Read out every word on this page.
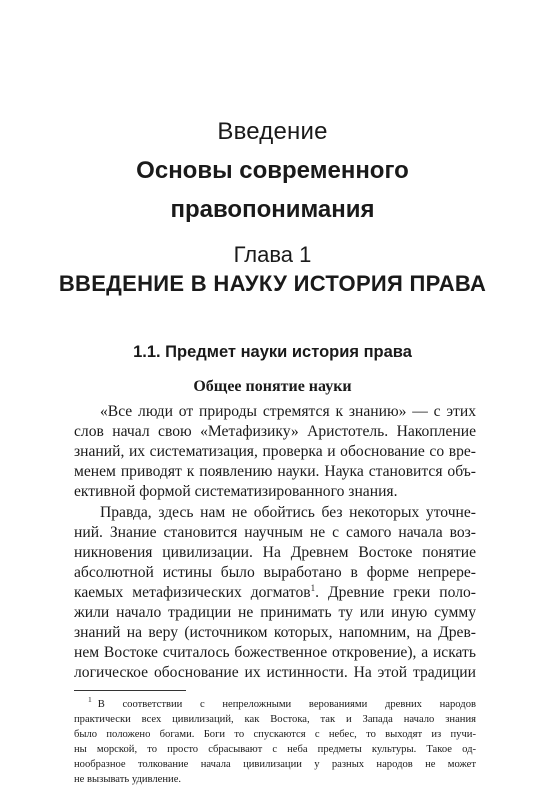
Введение
Основы современного
правопонимания
Глава 1
ВВЕДЕНИЕ В НАУКУ ИСТОРИЯ ПРАВА
1.1. Предмет науки история права
Общее понятие науки
«Все люди от природы стремятся к знанию» — с этих
слов начал свою «Метафизику» Аристотель. Накопление
знаний, их систематизация, проверка и обоснование со вре-
менем приводят к появлению науки. Наука становится объ-
ективной формой систематизированного знания.
Правда, здесь нам не обойтись без некоторых уточне-
ний. Знание становится научным не с самого начала воз-
никновения цивилизации. На Древнем Востоке понятие
абсолютной истины было выработано в форме непрере-
каемых метафизических догматов$^1$. Древние греки поло-
жили начало традиции не принимать ту или иную сумму
знаний на веру (источником которых, напомним, на Древ-
нем Востоке считалось божественное откровение), а искать
логическое обоснование их истинности. На этой традиции
$^1$ В соответствии с непреложными верованиями древних народов
практически всех цивилизаций, как Востока, так и Запада начало знания
было положено богами. Боги то спускаются с небес, то выходят из пучи-
ны морской, то просто сбрасывают с неба предметы культуры. Такое од-
нообразное толкование начала цивилизации у разных народов не может
не вызывать удивление.
